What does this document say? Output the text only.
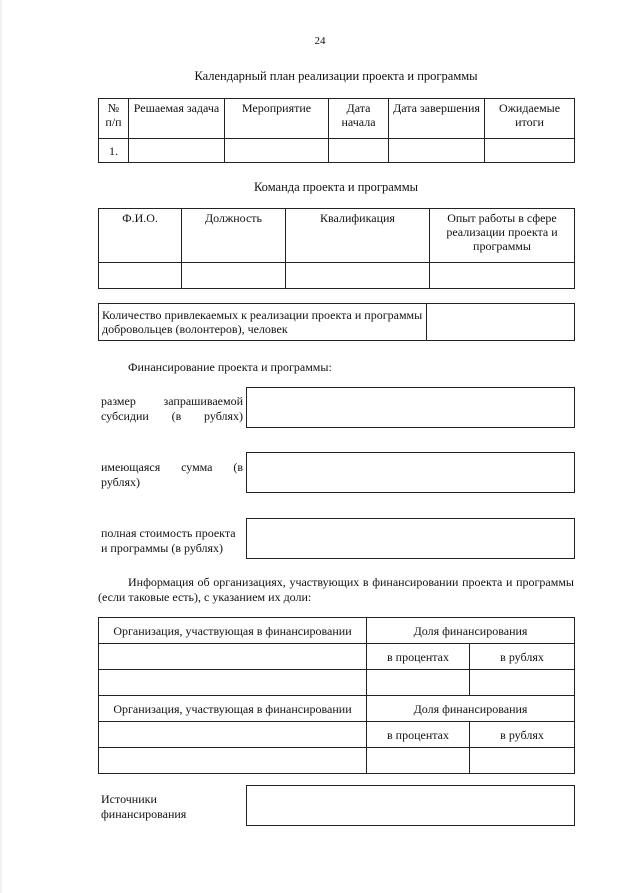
24
Календарный план реализации проекта и программы
№ п/п	Решаемая задача	Мероприятие	Дата начала	Дата завершения	Ожидаемые итоги
1.					
Команда проекта и программы
Ф.И.О.	Должность	Квалификация	Опыт работы в сфере реализации проекта и программы

Количество привлекаемых к реализации проекта и программы добровольцев (волонтеров), человек	
Финансирование проекта и программы:
размер запрашиваемой субсидии (в рублях)
имеющаяся сумма (в рублях)
полная стоимость проекта и программы (в рублях)
Информация об организациях, участвующих в финансировании проекта и программы (если таковые есть), с указанием их доли:
Организация, участвующая в финансировании	Доля финансирования	
	в процентах	в рублях

Организация, участвующая в финансировании	Доля финансирования	
	в процентах	в рублях

Источники финансирования
